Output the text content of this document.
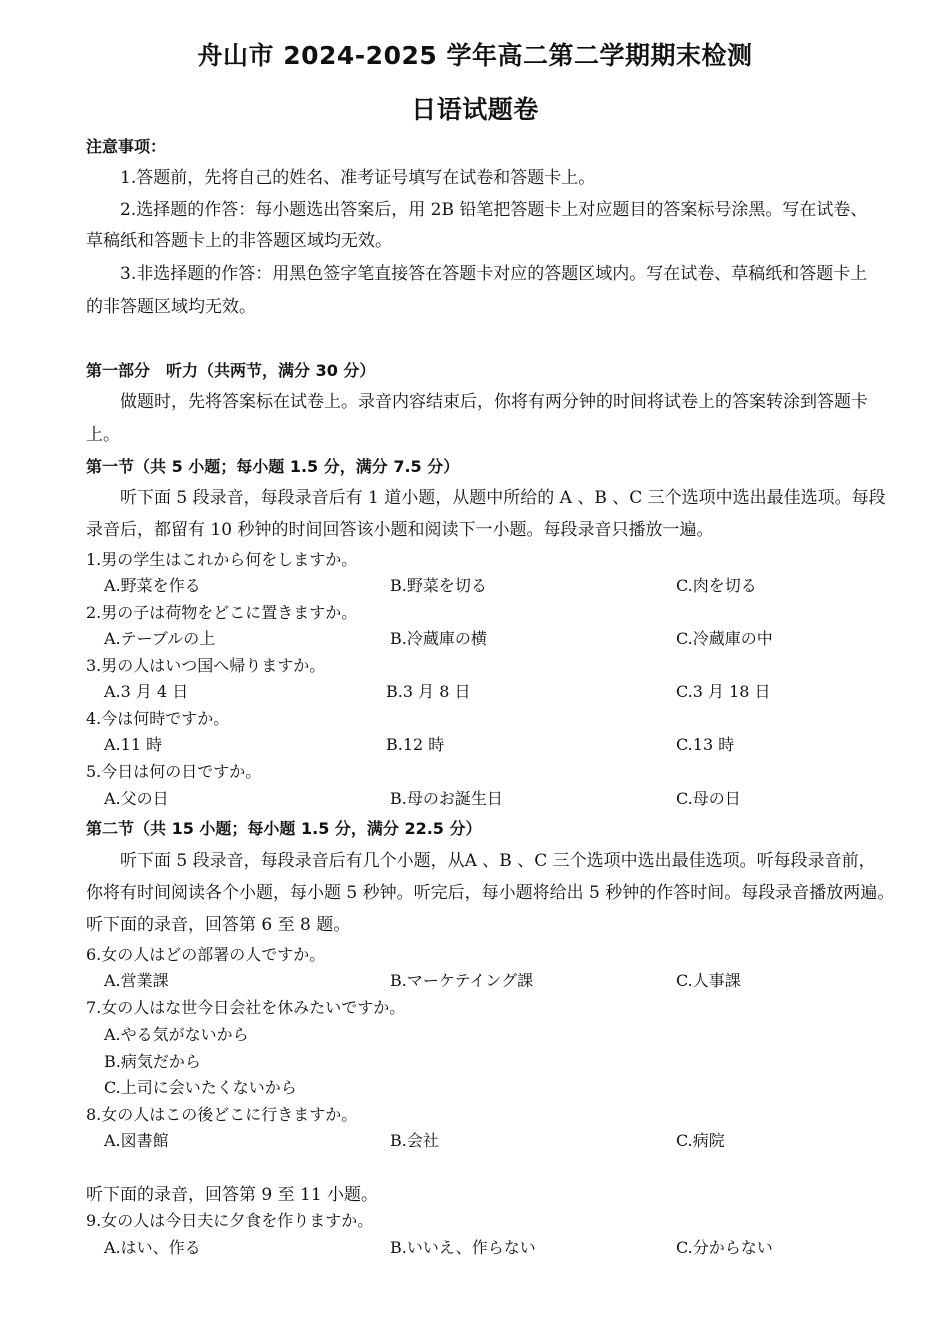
舟山市 2024-2025 学年高二第二学期期末检测
日语试题卷
注意事项：
1.答题前，先将自己的姓名、准考证号填写在试卷和答题卡上。
2.选择题的作答：每小题选出答案后，用 2B 铅笔把答题卡上对应题目的答案标号涂黑。写在试卷、
草稿纸和答题卡上的非答题区域均无效。
3.非选择题的作答：用黑色签字笔直接答在答题卡对应的答题区域内。写在试卷、草稿纸和答题卡上
的非答题区域均无效。
第一部分　听力（共两节，满分 30 分）
做题时，先将答案标在试卷上。录音内容结束后，你将有两分钟的时间将试卷上的答案转涂到答题卡
上。
第一节（共 5 小题；每小题 1.5 分，满分 7.5 分）
听下面 5 段录音，每段录音后有 1 道小题，从题中所给的 A 、B 、C 三个选项中选出最佳选项。每段
录音后，都留有 10 秒钟的时间回答该小题和阅读下一小题。每段录音只播放一遍。
1.男の学生はこれから何をしますか。
A.野菜を作る	B.野菜を切る	C.肉を切る
2.男の子は荷物をどこに置きますか。
A.テーブルの上	B.冷蔵庫の横	C.冷蔵庫の中
3.男の人はいつ国へ帰りますか。
A.3 月 4 日	B.3 月 8 日	C.3 月 18 日
4.今は何時ですか。
A.11 時	B.12 時	C.13 時
5.今日は何の日ですか。
A.父の日	B.母のお誕生日	C.母の日
第二节（共 15 小题；每小题 1.5 分，满分 22.5 分）
听下面 5 段录音，每段录音后有几个小题，从A 、B 、C 三个选项中选出最佳选项。听每段录音前，
你将有时间阅读各个小题，每小题 5 秒钟。听完后，每小题将给出 5 秒钟的作答时间。每段录音播放两遍。
听下面的录音，回答第 6 至 8 题。
6.女の人はどの部署の人ですか。
A.営業課	B.マーケテイング課	C.人事課
7.女の人はな世今日会社を休みたいですか。
A.やる気がないから
B.病気だから
C.上司に会いたくないから
8.女の人はこの後どこに行きますか。
A.図書館	B.会社	C.病院
听下面的录音，回答第 9 至 11 小题。
9.女の人は今日夫に夕食を作りますか。
A.はい、作る	B.いいえ、作らない	C.分からない
